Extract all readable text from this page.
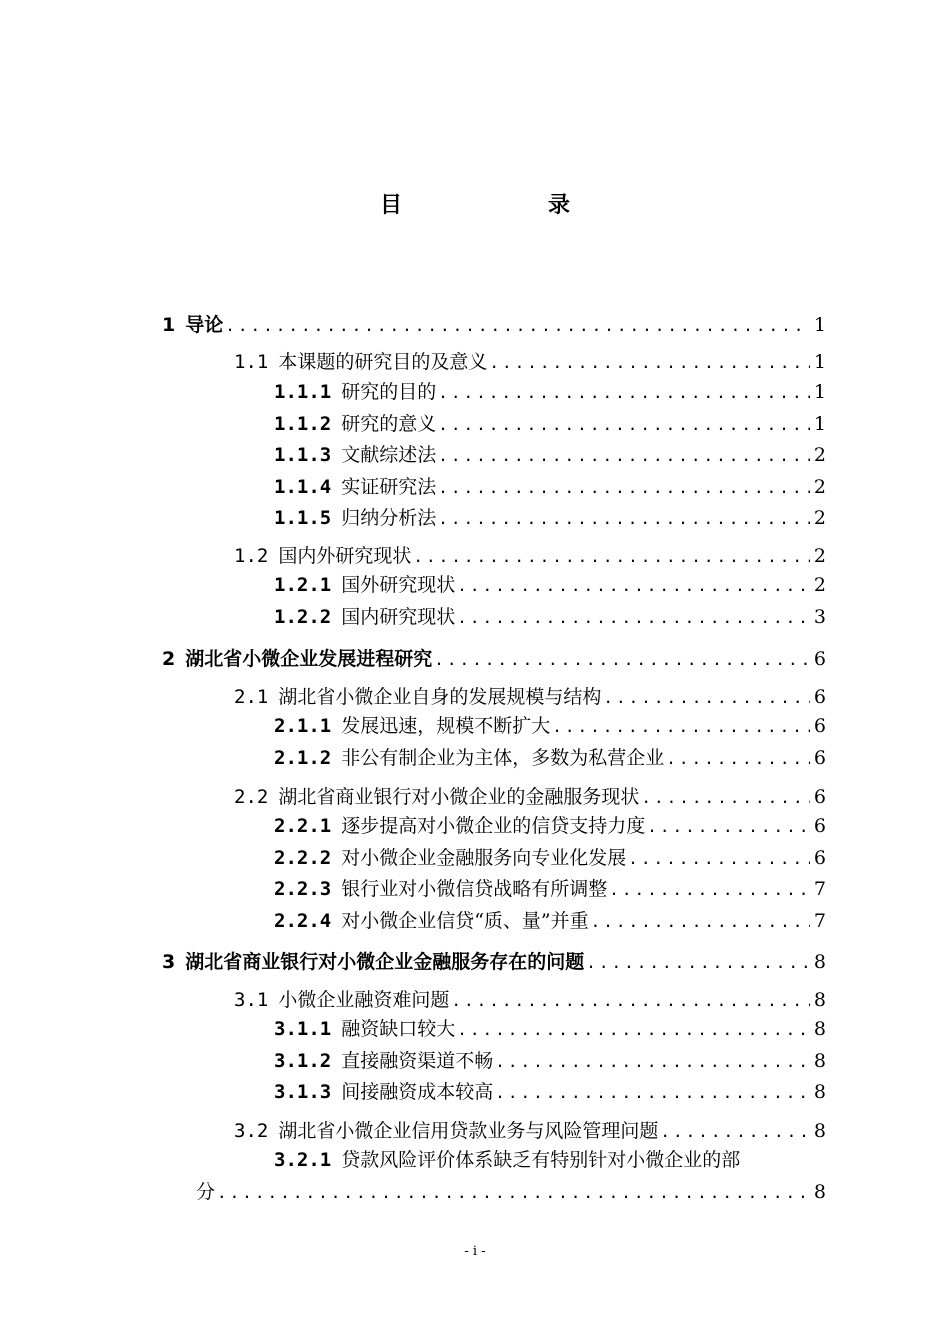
目　　录
1 导论 .....	1
1.1 本课题的研究目的及意义 .....	1
1.1.1 研究的目的 .....	1
1.1.2 研究的意义 .....	1
1.1.3 文献综述法 .....	2
1.1.4 实证研究法 .....	2
1.1.5 归纳分析法 .....	2
1.2 国内外研究现状 .....	2
1.2.1 国外研究现状 .....	2
1.2.2 国内研究现状 .....	3
2 湖北省小微企业发展进程研究 .....	6
2.1 湖北省小微企业自身的发展规模与结构 .....	6
2.1.1 发展迅速，规模不断扩大 .....	6
2.1.2 非公有制企业为主体，多数为私营企业 .....	6
2.2 湖北省商业银行对小微企业的金融服务现状 .....	6
2.2.1 逐步提高对小微企业的信贷支持力度 .....	6
2.2.2 对小微企业金融服务向专业化发展 .....	6
2.2.3 银行业对小微信贷战略有所调整 .....	7
2.2.4 对小微企业信贷“质、量”并重 .....	7
3 湖北省商业银行对小微企业金融服务存在的问题 .....	8
3.1 小微企业融资难问题 .....	8
3.1.1 融资缺口较大 .....	8
3.1.2 直接融资渠道不畅 .....	8
3.1.3 间接融资成本较高 .....	8
3.2 湖北省小微企业信用贷款业务与风险管理问题 .....	8
3.2.1 贷款风险评价体系缺乏有特别针对小微企业的部
分 .....	8
- i -
